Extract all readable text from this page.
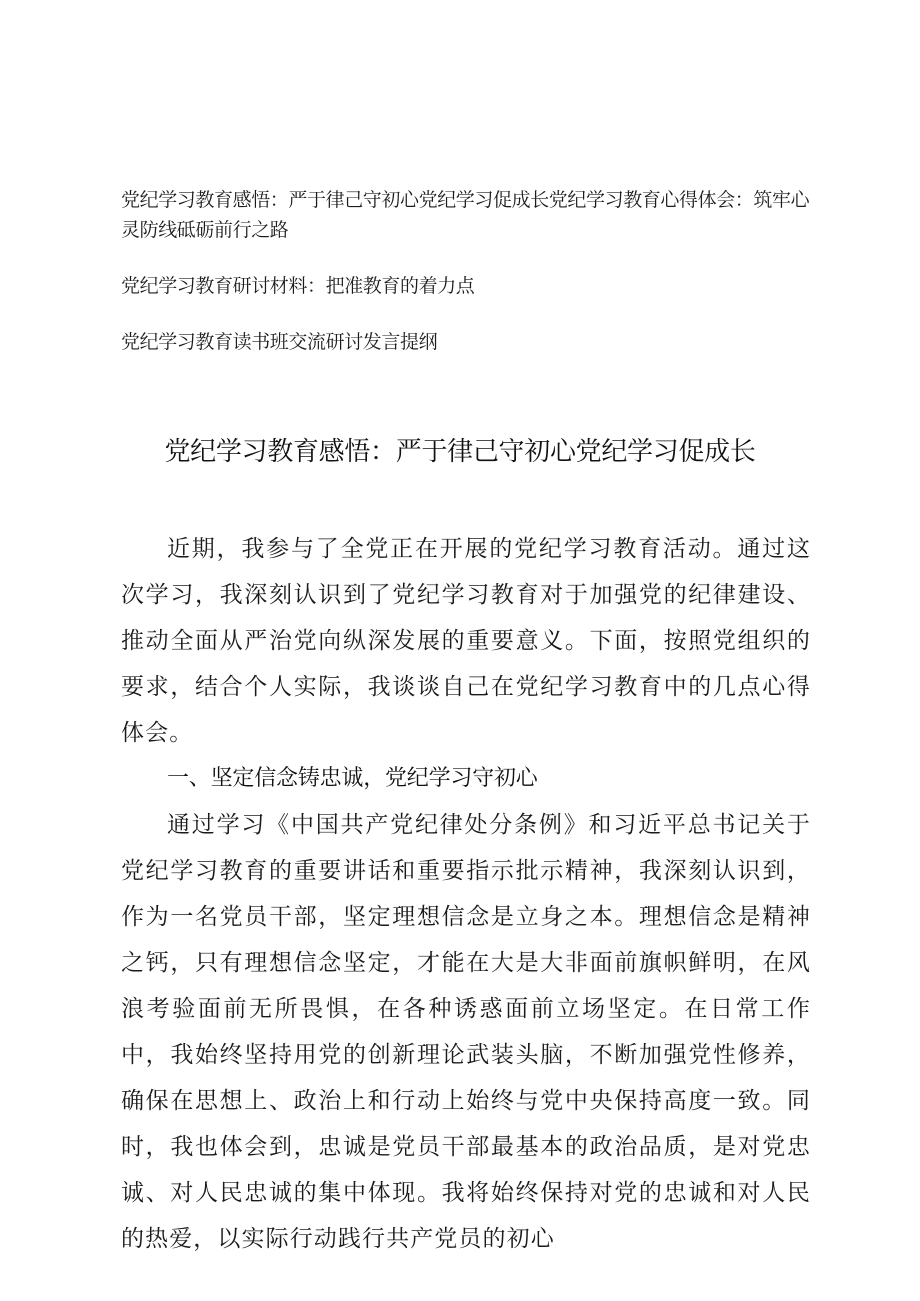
党纪学习教育感悟：严于律己守初心党纪学习促成长党纪学习教育心得体会：筑牢心灵防线砥砺前行之路
党纪学习教育研讨材料：把准教育的着力点
党纪学习教育读书班交流研讨发言提纲
党纪学习教育感悟：严于律己守初心党纪学习促成长

近期，我参与了全党正在开展的党纪学习教育活动。通过这次学习，我深刻认识到了党纪学习教育对于加强党的纪律建设、推动全面从严治党向纵深发展的重要意义。下面，按照党组织的要求，结合个人实际，我谈谈自己在党纪学习教育中的几点心得体会。

一、坚定信念铸忠诚，党纪学习守初心

通过学习《中国共产党纪律处分条例》和习近平总书记关于党纪学习教育的重要讲话和重要指示批示精神，我深刻认识到，作为一名党员干部，坚定理想信念是立身之本。理想信念是精神之钙，只有理想信念坚定，才能在大是大非面前旗帜鲜明，在风浪考验面前无所畏惧，在各种诱惑面前立场坚定。在日常工作中，我始终坚持用党的创新理论武装头脑，不断加强党性修养，确保在思想上、政治上和行动上始终与党中央保持高度一致。同时，我也体会到，忠诚是党员干部最基本的政治品质，是对党忠诚、对人民忠诚的集中体现。我将始终保持对党的忠诚和对人民的热爱，以实际行动践行共产党员的初心
